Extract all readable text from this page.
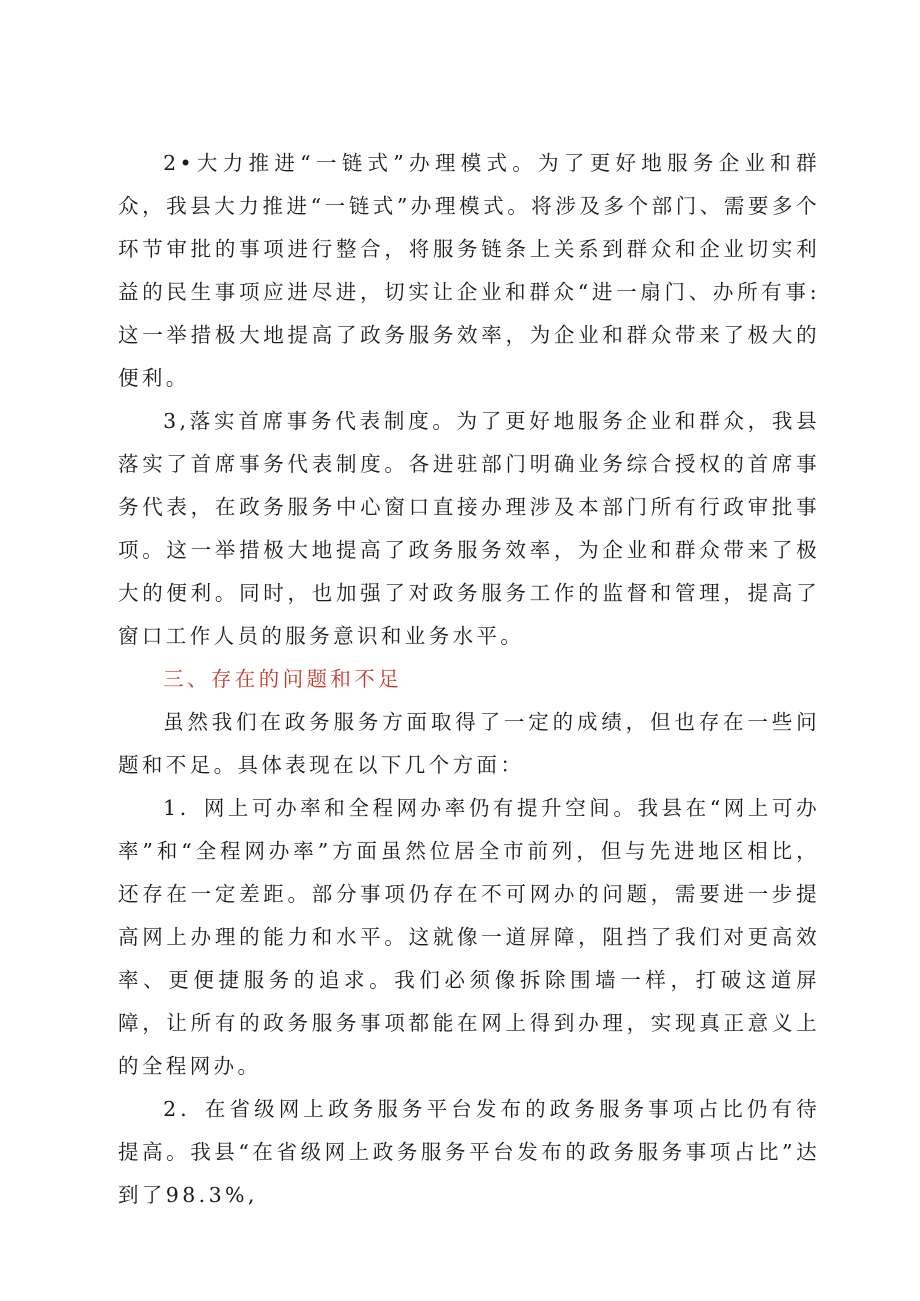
2•大力推进“一链式”办理模式。为了更好地服务企业和群众，我县大力推进“一链式”办理模式。将涉及多个部门、需要多个环节审批的事项进行整合，将服务链条上关系到群众和企业切实利益的民生事项应进尽进，切实让企业和群众“进一扇门、办所有事:这一举措极大地提高了政务服务效率，为企业和群众带来了极大的便利。

3,落实首席事务代表制度。为了更好地服务企业和群众，我县落实了首席事务代表制度。各进驻部门明确业务综合授权的首席事务代表，在政务服务中心窗口直接办理涉及本部门所有行政审批事项。这一举措极大地提高了政务服务效率，为企业和群众带来了极大的便利。同时，也加强了对政务服务工作的监督和管理，提高了窗口工作人员的服务意识和业务水平。

三、存在的问题和不足

虽然我们在政务服务方面取得了一定的成绩，但也存在一些问题和不足。具体表现在以下几个方面：

1．网上可办率和全程网办率仍有提升空间。我县在“网上可办率”和“全程网办率”方面虽然位居全市前列，但与先进地区相比，还存在一定差距。部分事项仍存在不可网办的问题，需要进一步提高网上办理的能力和水平。这就像一道屏障，阻挡了我们对更高效率、更便捷服务的追求。我们必须像拆除围墙一样，打破这道屏障，让所有的政务服务事项都能在网上得到办理，实现真正意义上的全程网办。

2．在省级网上政务服务平台发布的政务服务事项占比仍有待提高。我县“在省级网上政务服务平台发布的政务服务事项占比”达到了98.3%,
